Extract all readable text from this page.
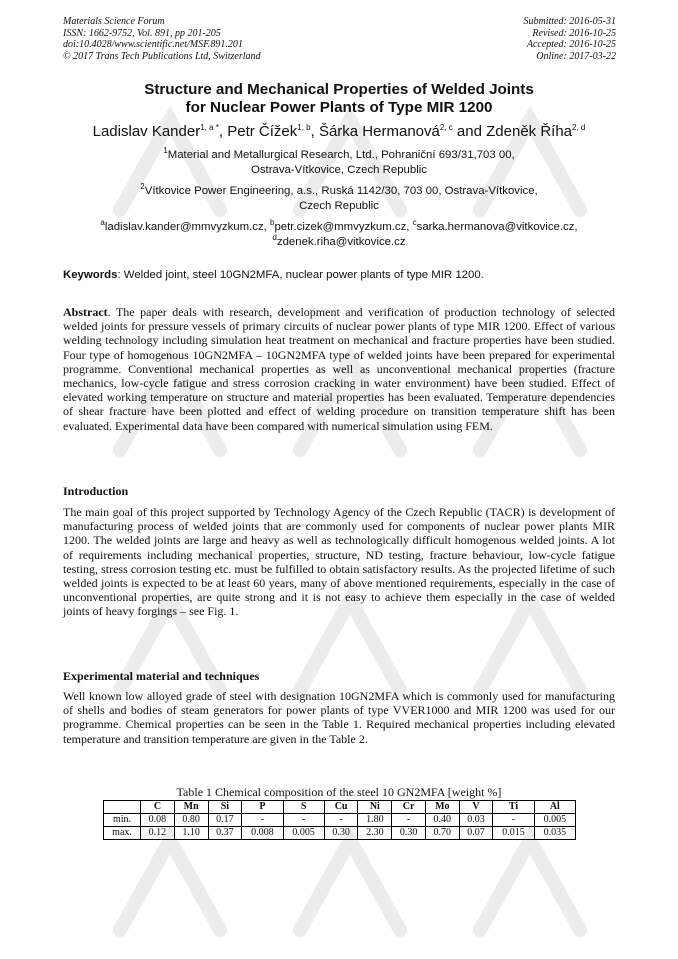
Materials Science Forum
ISSN: 1662-9752, Vol. 891, pp 201-205
doi:10.4028/www.scientific.net/MSF.891.201
© 2017 Trans Tech Publications Ltd, Switzerland
Submitted: 2016-05-31
Revised: 2016-10-25
Accepted: 2016-10-25
Online: 2017-03-22
Structure and Mechanical Properties of Welded Joints
for Nuclear Power Plants of Type MIR 1200
Ladislav Kander$^{1, a *}$, Petr Čížek$^{1, b}$, Šárka Hermanová$^{2, c}$ and Zdeněk Říha$^{2, d}$
$^1$Material and Metallurgical Research, Ltd., Pohraniční 693/31,703 00,
Ostrava-Vítkovice, Czech Republic
$^2$Vítkovice Power Engineering, a.s., Ruská 1142/30, 703 00, Ostrava-Vítkovice,
Czech Republic
$^a$ladislav.kander@mmvyzkum.cz, $^b$petr.cizek@mmvyzkum.cz, $^c$sarka.hermanova@vitkovice.cz,
$^d$zdenek.riha@vitkovice.cz
Keywords: Welded joint, steel 10GN2MFA, nuclear power plants of type MIR 1200.
Abstract. The paper deals with research, development and verification of production technology of selected welded joints for pressure vessels of primary circuits of nuclear power plants of type MIR 1200. Effect of various welding technology including simulation heat treatment on mechanical and fracture properties have been studied. Four type of homogenous 10GN2MFA – 10GN2MFA type of welded joints have been prepared for experimental programme. Conventional mechanical properties as well as unconventional mechanical properties (fracture mechanics, low-cycle fatigue and stress corrosion cracking in water environment) have been studied. Effect of elevated working temperature on structure and material properties has been evaluated. Temperature dependencies of shear fracture have been plotted and effect of welding procedure on transition temperature shift has been evaluated. Experimental data have been compared with numerical simulation using FEM.
Introduction
The main goal of this project supported by Technology Agency of the Czech Republic (TACR) is development of manufacturing process of welded joints that are commonly used for components of nuclear power plants MIR 1200. The welded joints are large and heavy as well as technologically difficult homogenous welded joints. A lot of requirements including mechanical properties, structure, ND testing, fracture behaviour, low-cycle fatigue testing, stress corrosion testing etc. must be fulfilled to obtain satisfactory results. As the projected lifetime of such welded joints is expected to be at least 60 years, many of above mentioned requirements, especially in the case of unconventional properties, are quite strong and it is not easy to achieve them especially in the case of welded joints of heavy forgings – see Fig. 1.
Experimental material and techniques
Well known low alloyed grade of steel with designation 10GN2MFA which is commonly used for manufacturing of shells and bodies of steam generators for power plants of type VVER1000 and MIR 1200 was used for our programme. Chemical properties can be seen in the Table 1. Required mechanical properties including elevated temperature and transition temperature are given in the Table 2.
Table 1 Chemical composition of the steel 10 GN2MFA [weight %]
	C	Mn	Si	P	S	Cu	Ni	Cr	Mo	V	Ti	Al
min.	0.08	0.80	0.17	-	-	-	1.80	-	0.40	0.03	-	0.005
max.	0.12	1.10	0.37	0.008	0.005	0.30	2.30	0.30	0.70	0.07	0.015	0.035
